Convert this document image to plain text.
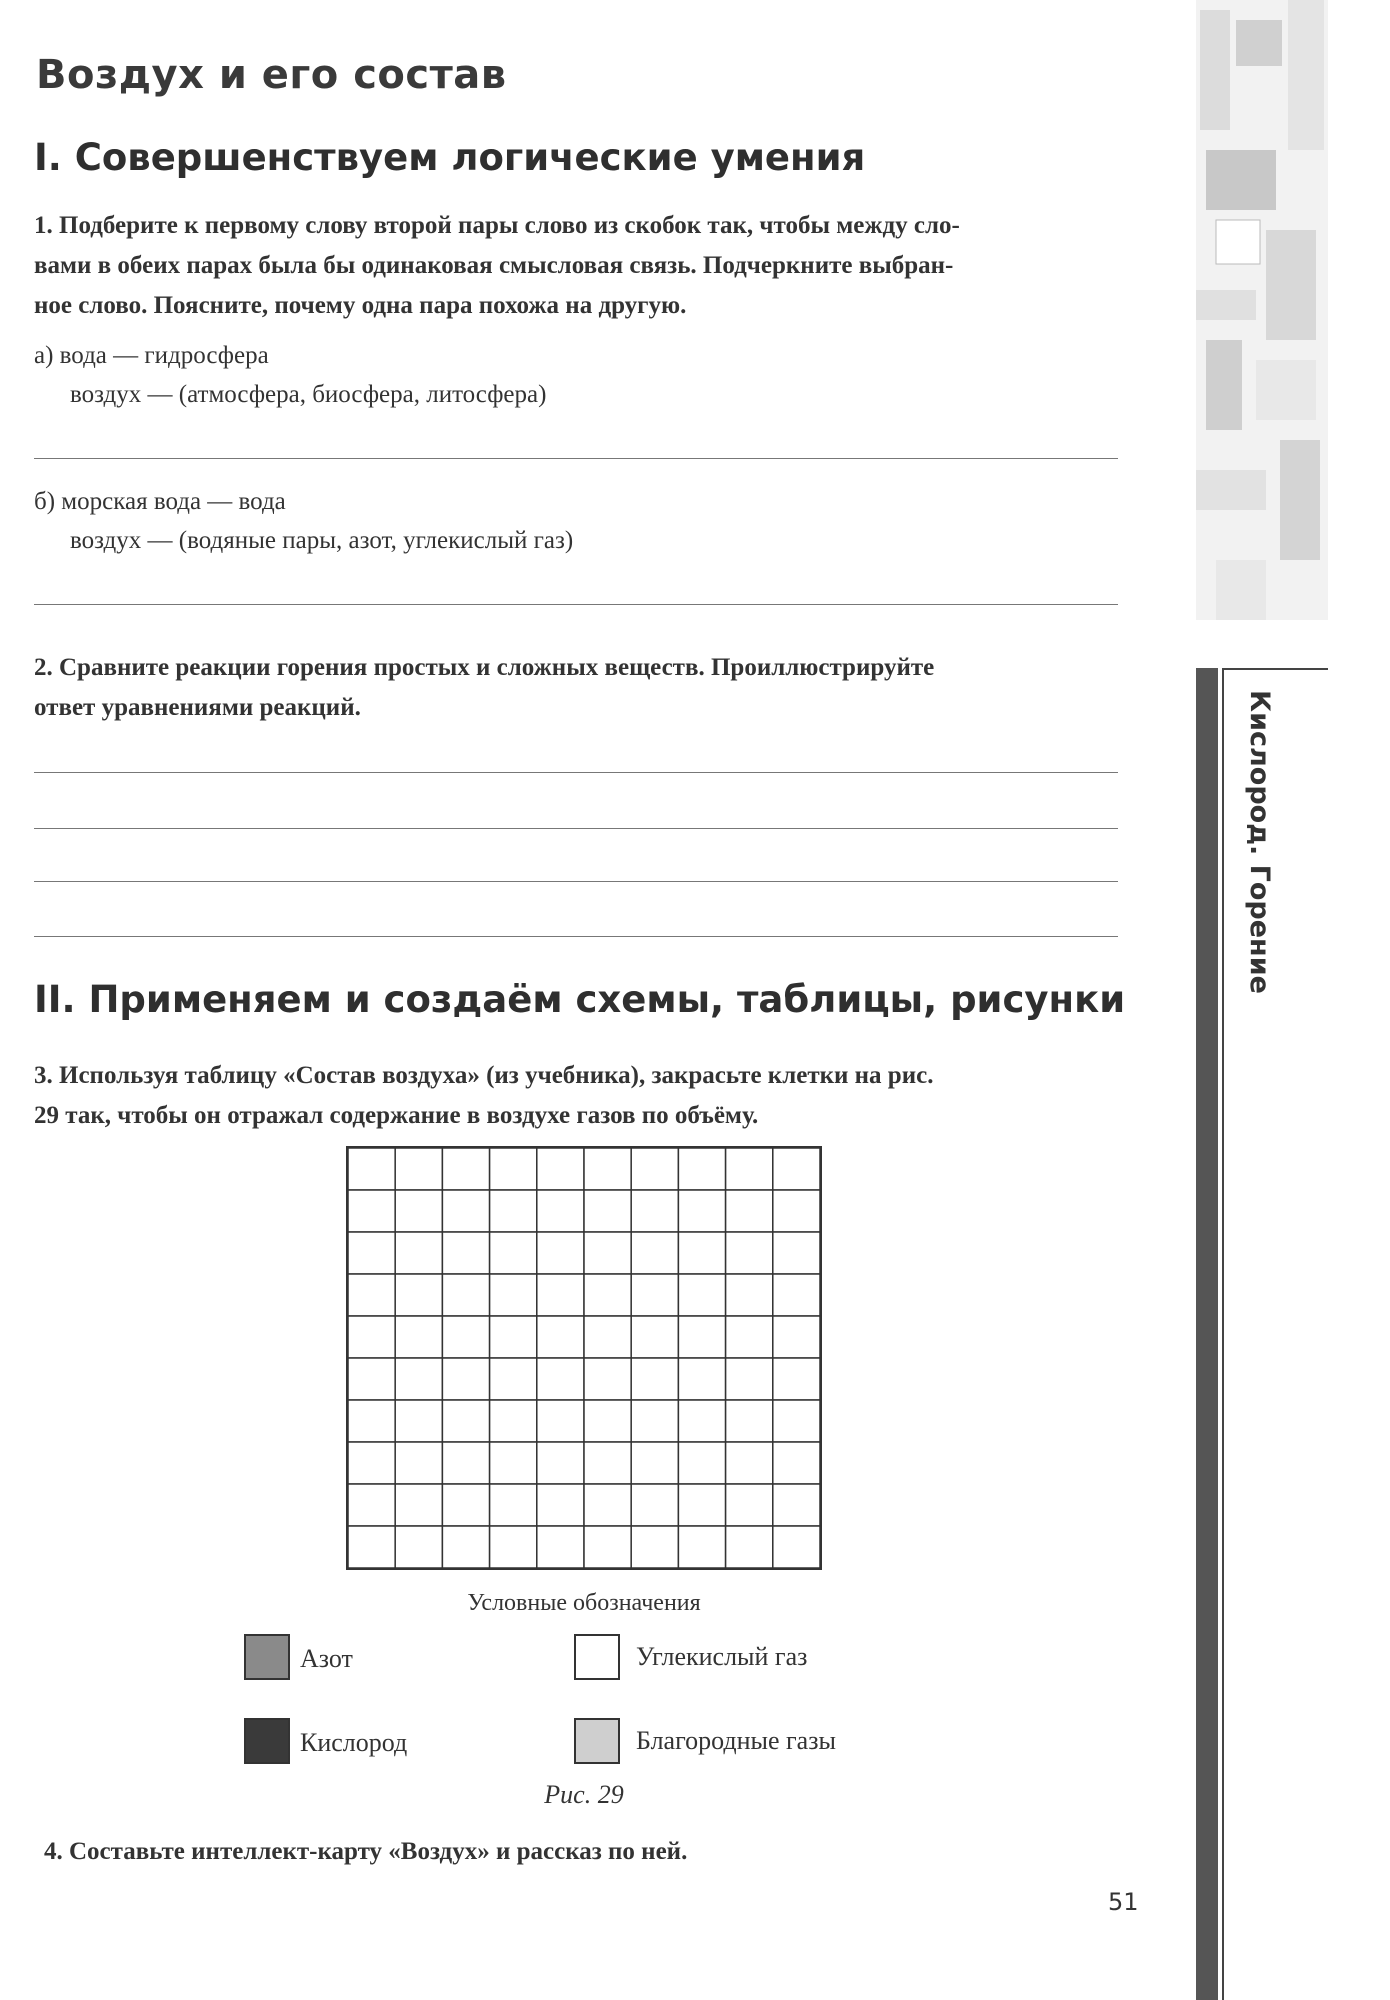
Кислород. Горение
Воздух и его состав
I. Совершенствуем логические умения
1. Подберите к первому слову второй пары слово из скобок так, чтобы между сло-
вами в обеих парах была бы одинаковая смысловая связь. Подчеркните выбран-
ное слово. Поясните, почему одна пара похожа на другую.
а) вода — гидросфера
воздух — (атмосфера, биосфера, литосфера)
б) морская вода — вода
воздух — (водяные пары, азот, углекислый газ)
2. Сравните реакции горения простых и сложных веществ. Проиллюстрируйте
ответ уравнениями реакций.
II. Применяем и создаём схемы, таблицы, рисунки
3. Используя таблицу «Состав воздуха» (из учебника), закрасьте клетки на рис.
29 так, чтобы он отражал содержание в воздухе газов по объёму.
Условные обозначения
Азот	Углекислый газ
Кислород	Благородные газы
Рис. 29
4. Составьте интеллект-карту «Воздух» и рассказ по ней.
51
